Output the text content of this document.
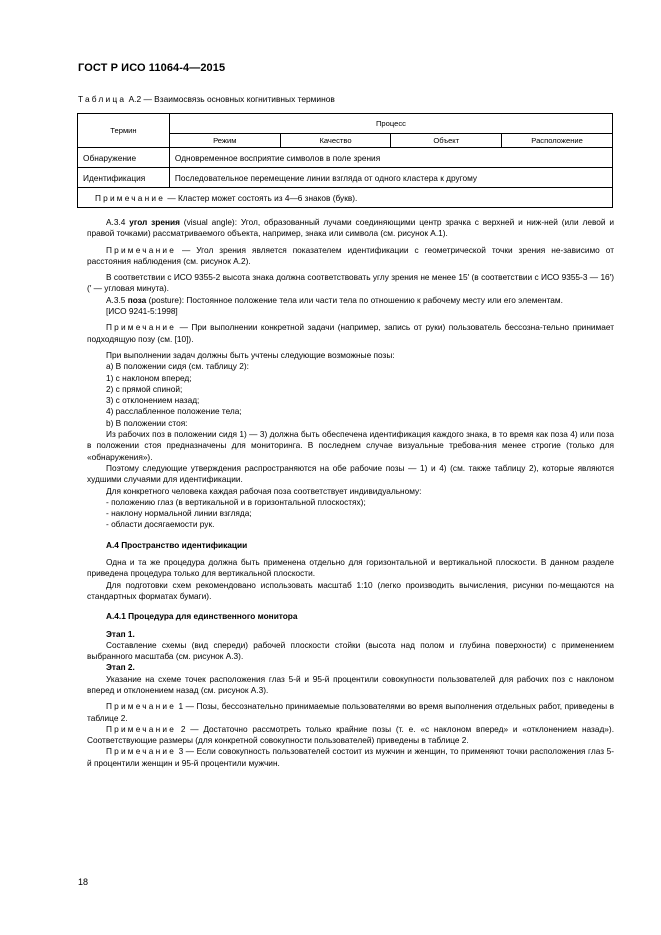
ГОСТ Р ИСО 11064-4—2015
Таблица А.2 — Взаимосвязь основных когнитивных терминов
Термин	Процесс			
	Режим	Качество	Объект	Расположение
Обнаружение	Одновременное восприятие символов в поле зрения			
Идентификация	Последовательное перемещение линии взгляда от одного кластера к другому			
Примечание — Кластер может состоять из 4—6 знаков (букв).				

А.3.4 угол зрения (visual angle): Угол, образованный лучами соединяющими центр зрачка с верхней и ниж-ней (или левой и правой точками) рассматриваемого объекта, например, знака или символа (см. рисунок А.1).

Примечание — Угол зрения является показателем идентификации с геометрической точки зрения не-зависимо от расстояния наблюдения (см. рисунок А.2).

В соответствии с ИСО 9355-2 высота знака должна соответствовать углу зрения не менее 15′ (в соответствии с ИСО 9355-3 — 16′)(′ — угловая минута).

А.3.5 поза (posture): Постоянное положение тела или части тела по отношению к рабочему месту или его элементам.

[ИСО 9241-5:1998]

Примечание — При выполнении конкретной задачи (например, запись от руки) пользователь бессозна-тельно принимает подходящую позу (см. [10]).

При выполнении задач должны быть учтены следующие возможные позы:

a) В положении сидя (см. таблицу 2):

1) с наклоном вперед;

2) с прямой спиной;

3) с отклонением назад;

4) расслабленное положение тела;

b) В положении стоя:

Из рабочих поз в положении сидя 1) — 3) должна быть обеспечена идентификация каждого знака, в то время как поза 4) или поза в положении стоя предназначены для мониторинга. В последнем случае визуальные требова-ния менее строгие (только для «обнаружения»).

Поэтому следующие утверждения распространяются на обе рабочие позы — 1) и 4) (см. также таблицу 2), которые являются худшими случаями для идентификации.

Для конкретного человека каждая рабочая поза соответствует индивидуальному:

- положению глаз (в вертикальной и в горизонтальной плоскостях);

- наклону нормальной линии взгляда;

- области досягаемости рук.

А.4 Пространство идентификации

Одна и та же процедура должна быть применена отдельно для горизонтальной и вертикальной плоскости. В данном разделе приведена процедура только для вертикальной плоскости.

Для подготовки схем рекомендовано использовать масштаб 1:10 (легко производить вычисления, рисунки по-мещаются на стандартных форматах бумаги).

А.4.1 Процедура для единственного монитора

Этап 1.

Составление схемы (вид спереди) рабочей плоскости стойки (высота над полом и глубина поверхности) с применением выбранного масштаба (см. рисунок А.3).

Этап 2.

Указание на схеме точек расположения глаз 5-й и 95-й процентили совокупности пользователей для рабочих поз с наклоном вперед и отклонением назад (см. рисунок А.3).

Примечание 1 — Позы, бессознательно принимаемые пользователями во время выполнения отдельных работ, приведены в таблице 2.

Примечание 2 — Достаточно рассмотреть только крайние позы (т. е. «с наклоном вперед» и «отклонением назад»). Соответствующие размеры (для конкретной совокупности пользователей) приведены в таблице 2.

Примечание 3 — Если совокупность пользователей состоит из мужчин и женщин, то применяют точки расположения глаз 5-й процентили женщин и 95-й процентили мужчин.

18
